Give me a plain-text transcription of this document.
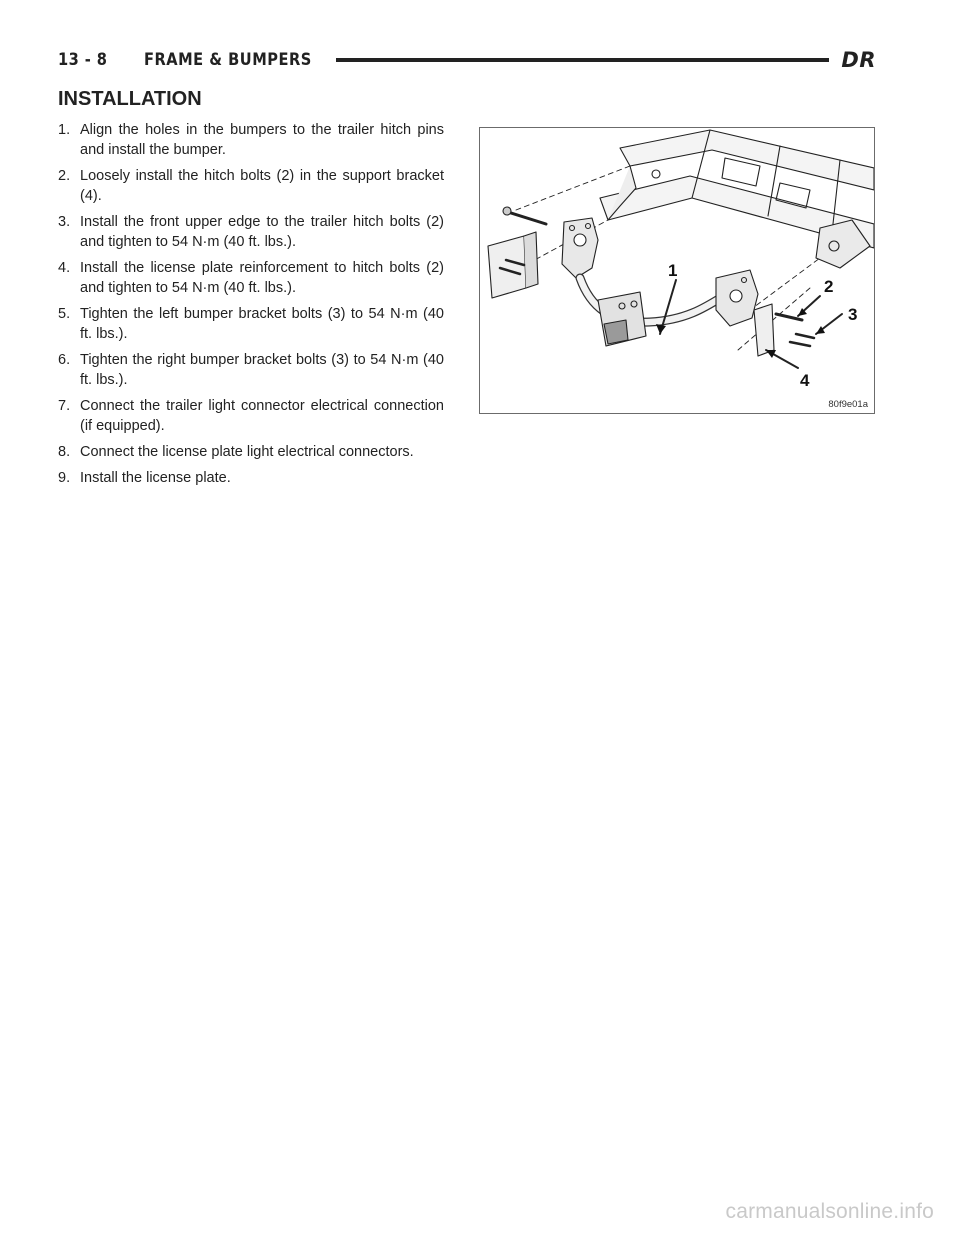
13 - 8	FRAME & BUMPERS	DR
INSTALLATION
1. Align the holes in the bumpers to the trailer hitch pins and install the bumper.
2. Loosely install the hitch bolts (2) in the support bracket (4).
3. Install the front upper edge to the trailer hitch bolts (2) and tighten to 54 N·m (40 ft. lbs.).
4. Install the license plate reinforcement to hitch bolts (2) and tighten to 54 N·m (40 ft. lbs.).
5. Tighten the left bumper bracket bolts (3) to 54 N·m (40 ft. lbs.).
6. Tighten the right bumper bracket bolts (3) to 54 N·m (40 ft. lbs.).
7. Connect the trailer light connector electrical connection (if equipped).
8. Connect the license plate light electrical connectors.
9. Install the license plate.
1
2
3
4
80f9e01a
carmanualsonline.info
